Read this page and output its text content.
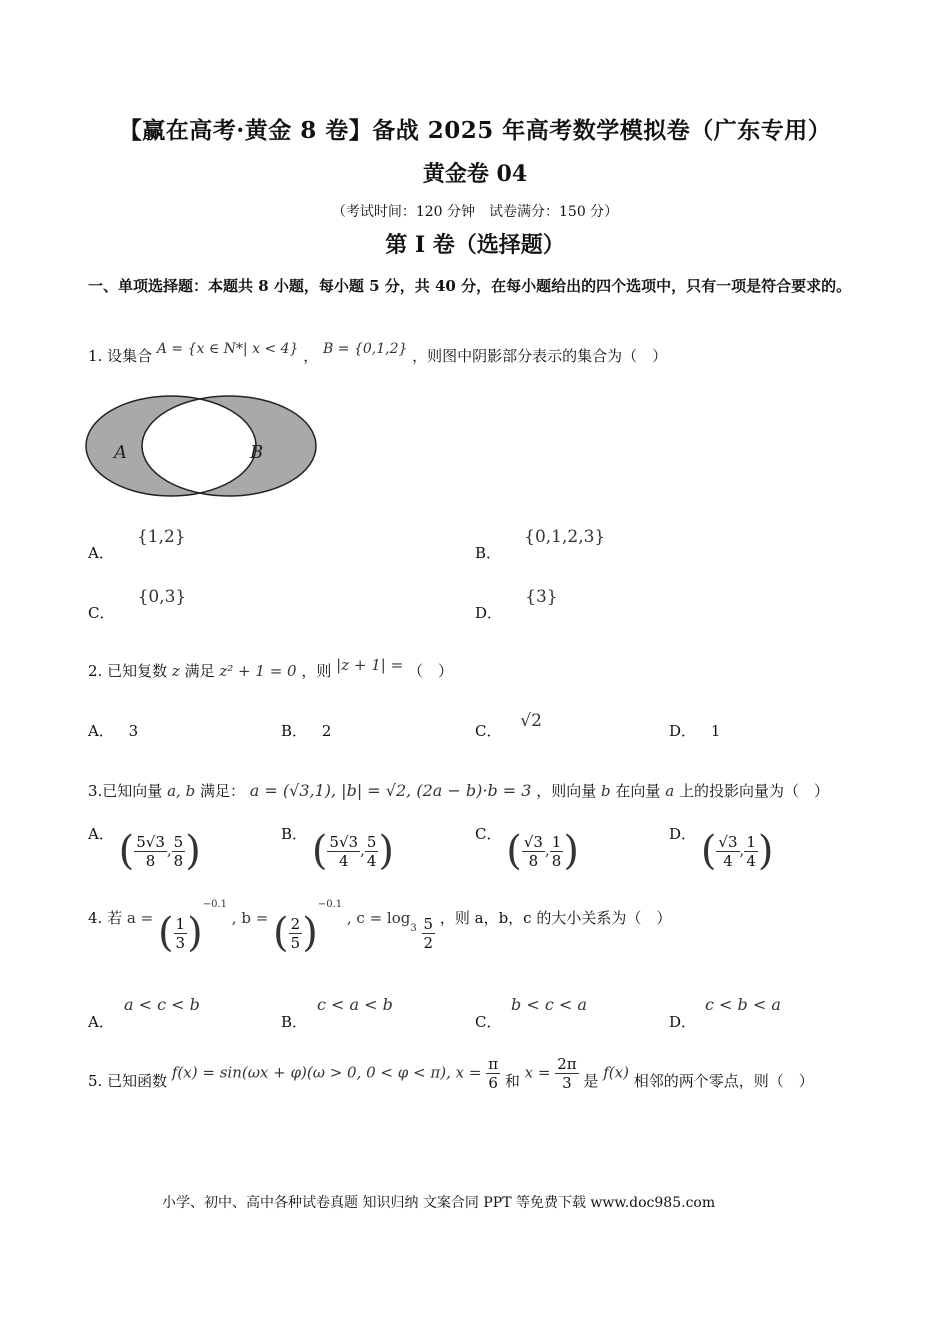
【赢在高考·黄金 8 卷】备战 2025 年高考数学模拟卷（广东专用）
黄金卷 04
（考试时间：120 分钟　试卷满分：150 分）
第 I 卷（选择题）
一、单项选择题：本题共 8 小题，每小题 5 分，共 40 分，在每小题给出的四个选项中，只有一项是符合要求的。
1. 设集合 A = {x ∈ N*| x < 4} ， B = {0,1,2} ，则图中阴影部分表示的集合为（　）
A	B
A． {1,2}
B． {0,1,2,3}
C． {0,3}
D． {3}
2. 已知复数 z 满足 z² + 1 = 0 ，则 |z + 1| = （　）
A． 3	B． 2	C． √2	D． 1
3.已知向量 a, b 满足： a = (√3,1), |b| = √2, (2a − b)·b = 3 ，则向量 b 在向量 a 上的投影向量为（　）
A． ( $\frac{5√3}{8}$ , $\frac{5}{8}$ )	B． ( $\frac{5√3}{4}$ , $\frac{5}{4}$ )	C． ( $\frac{√3}{8}$ , $\frac{1}{8}$ )	D． ( $\frac{√3}{4}$ , $\frac{1}{4}$ )
4. 若 a = ( $\frac{1}{3} )^{-0.1}$ , b = ( $\frac{2}{5} )^{-0.1}$ , $c = \log_3 \frac{5}{2}$ ，则 a，b，c 的大小关系为（　）
a < c < b
A．
c < a < b
B．
b < c < a
C．
c < b < a
D．
5. 已知函数 f(x) = sin(ωx + φ)(ω > 0, 0 < φ < π), $x = \frac{\pi}{6}$ 和 $x = \frac{2\pi}{3}$ 是 f(x) 相邻的两个零点，则（　）
小学、初中、高中各种试卷真题 知识归纳 文案合同 PPT 等免费下载 www.doc985.com
